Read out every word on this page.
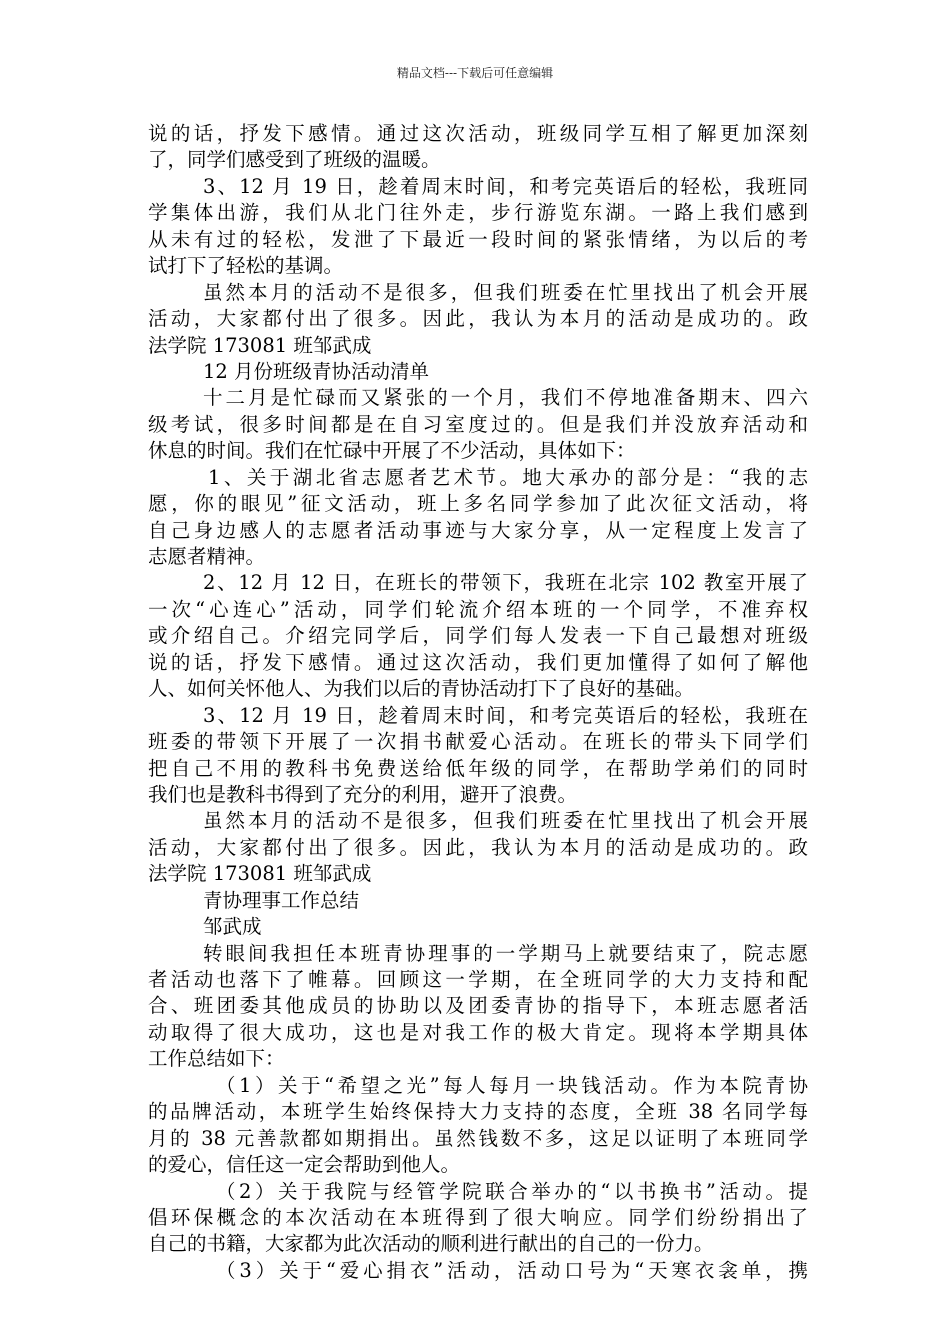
精品文档---下载后可任意编辑
说的话，抒发下感情。通过这次活动，班级同学互相了解更加深刻
了，同学们感受到了班级的温暖。
3、12 月 19 日，趁着周末时间，和考完英语后的轻松，我班同
学集体出游，我们从北门往外走，步行游览东湖。一路上我们感到
从未有过的轻松，发泄了下最近一段时间的紧张情绪，为以后的考
试打下了轻松的基调。
虽然本月的活动不是很多，但我们班委在忙里找出了机会开展
活动，大家都付出了很多。因此，我认为本月的活动是成功的。政
法学院 173081 班邹武成
12 月份班级青协活动清单
十二月是忙碌而又紧张的一个月，我们不停地准备期末、四六
级考试，很多时间都是在自习室度过的。但是我们并没放弃活动和
休息的时间。我们在忙碌中开展了不少活动，具体如下：
1、关于湖北省志愿者艺术节。地大承办的部分是：“我的志
愿，你的眼见”征文活动，班上多名同学参加了此次征文活动，将
自己身边感人的志愿者活动事迹与大家分享，从一定程度上发言了
志愿者精神。
2、12 月 12 日，在班长的带领下，我班在北宗 102 教室开展了
一次“心连心”活动，同学们轮流介绍本班的一个同学，不准弃权
或介绍自己。介绍完同学后，同学们每人发表一下自己最想对班级
说的话，抒发下感情。通过这次活动，我们更加懂得了如何了解他
人、如何关怀他人、为我们以后的青协活动打下了良好的基础。
3、12 月 19 日，趁着周末时间，和考完英语后的轻松，我班在
班委的带领下开展了一次捐书献爱心活动。在班长的带头下同学们
把自己不用的教科书免费送给低年级的同学，在帮助学弟们的同时
我们也是教科书得到了充分的利用，避开了浪费。
虽然本月的活动不是很多，但我们班委在忙里找出了机会开展
活动，大家都付出了很多。因此，我认为本月的活动是成功的。政
法学院 173081 班邹武成
青协理事工作总结
邹武成
转眼间我担任本班青协理事的一学期马上就要结束了，院志愿
者活动也落下了帷幕。回顾这一学期，在全班同学的大力支持和配
合、班团委其他成员的协助以及团委青协的指导下，本班志愿者活
动取得了很大成功，这也是对我工作的极大肯定。现将本学期具体
工作总结如下：
（1）关于“希望之光”每人每月一块钱活动。作为本院青协
的品牌活动，本班学生始终保持大力支持的态度，全班 38 名同学每
月的 38 元善款都如期捐出。虽然钱数不多，这足以证明了本班同学
的爱心，信任这一定会帮助到他人。
（2）关于我院与经管学院联合举办的“以书换书”活动。提
倡环保概念的本次活动在本班得到了很大响应。同学们纷纷捐出了
自己的书籍，大家都为此次活动的顺利进行献出的自己的一份力。
（3）关于“爱心捐衣”活动，活动口号为“天寒衣衾单，携
